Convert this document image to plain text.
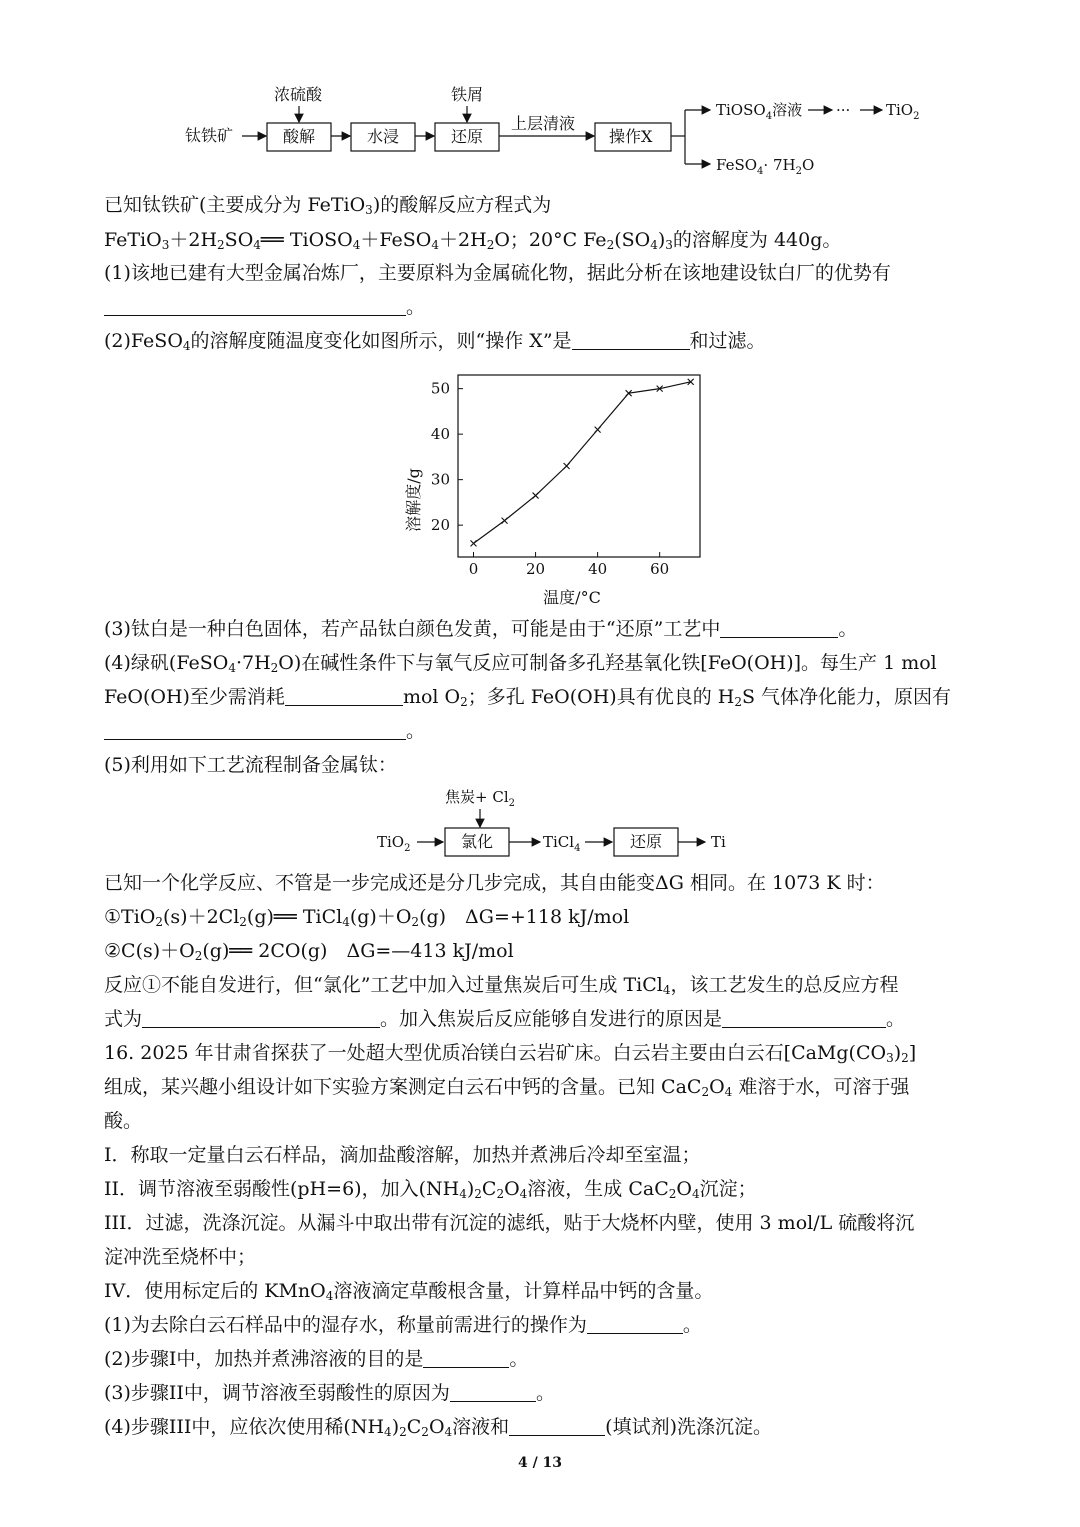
钛铁矿	酸解
浓硫酸
水浸	还原
铁屑
上层清液
操作X
TiOSO$_4$溶液 ··· TiO$_2$
FeSO$_4$· $7H_2O$
已知钛铁矿(主要成分为 FeTiO$_3$)的酸解反应方程式为
$FeTiO_3+2H_2SO_4══$ $TiOSO_4+FeSO_4+2H_2O$；20°C $Fe_2(SO_4)_3$的溶解度为 440g。
(1)该地已建有大型金属冶炼厂，主要原料为金属硫化物，据此分析在该地建设钛白厂的优势有
。
(2)FeSO$_4$的溶解度随温度变化如图所示，则“操作 X”是	和过滤。
溶解度/g
温度/°C
0	20	40	60
20
30
40
50
(3)钛白是一种白色固体，若产品钛白颜色发黄，可能是由于“还原”工艺中	。
(4)绿矾$(FeSO_4\cdot 7H_2O)$在碱性条件下与氧气反应可制备多孔羟基氧化铁[FeO(OH)]。每生产 1 mol
FeO(OH)至少需消耗	mol $O_2$；多孔 FeO(OH)具有优良的 $H_2S$ 气体净化能力，原因有
。
(5)利用如下工艺流程制备金属钛：
焦炭+ $Cl_2$
TiO$_2$	氯化	TiCl$_4$	还原	Ti
已知一个化学反应、不管是一步完成还是分几步完成，其自由能变ΔG 相同。在 1073 K 时：
$①TiO_2(s)+2Cl_2(g)══$ $TiCl_4(g)+O_2(g)$　ΔG=+118 kJ/mol
$②C(s)+O_2(g)══$ 2CO(g)　ΔG=—413 kJ/mol
反应①不能自发进行，但“氯化”工艺中加入过量焦炭后可生成 TiCl$_4$，该工艺发生的总反应方程
式为	。加入焦炭后反应能够自发进行的原因是	。
16. 2025 年甘肃省探获了一处超大型优质冶镁白云岩矿床。白云岩主要由白云石$[CaMg(CO_3)_2]$
组成，某兴趣小组设计如下实验方案测定白云石中钙的含量。已知 $CaC_2O_4$ 难溶于水，可溶于强
酸。
I．称取一定量白云石样品，滴加盐酸溶解，加热并煮沸后冷却至室温；
II．调节溶液至弱酸性(pH=6)，加入$(NH_4)_2C_2O_4$溶液，生成 $CaC_2O_4$沉淀；
III．过滤，洗涤沉淀。从漏斗中取出带有沉淀的滤纸，贴于大烧杯内壁，使用 3 mol/L 硫酸将沉
淀冲洗至烧杯中；
IV．使用标定后的 KMnO$_4$溶液滴定草酸根含量，计算样品中钙的含量。
(1)为去除白云石样品中的湿存水，称量前需进行的操作为	。
(2)步骤I中，加热并煮沸溶液的目的是	。
(3)步骤II中，调节溶液至弱酸性的原因为	。
(4)步骤III中，应依次使用稀$(NH_4)_2C_2O_4$溶液和	(填试剂)洗涤沉淀。
4 / 13
